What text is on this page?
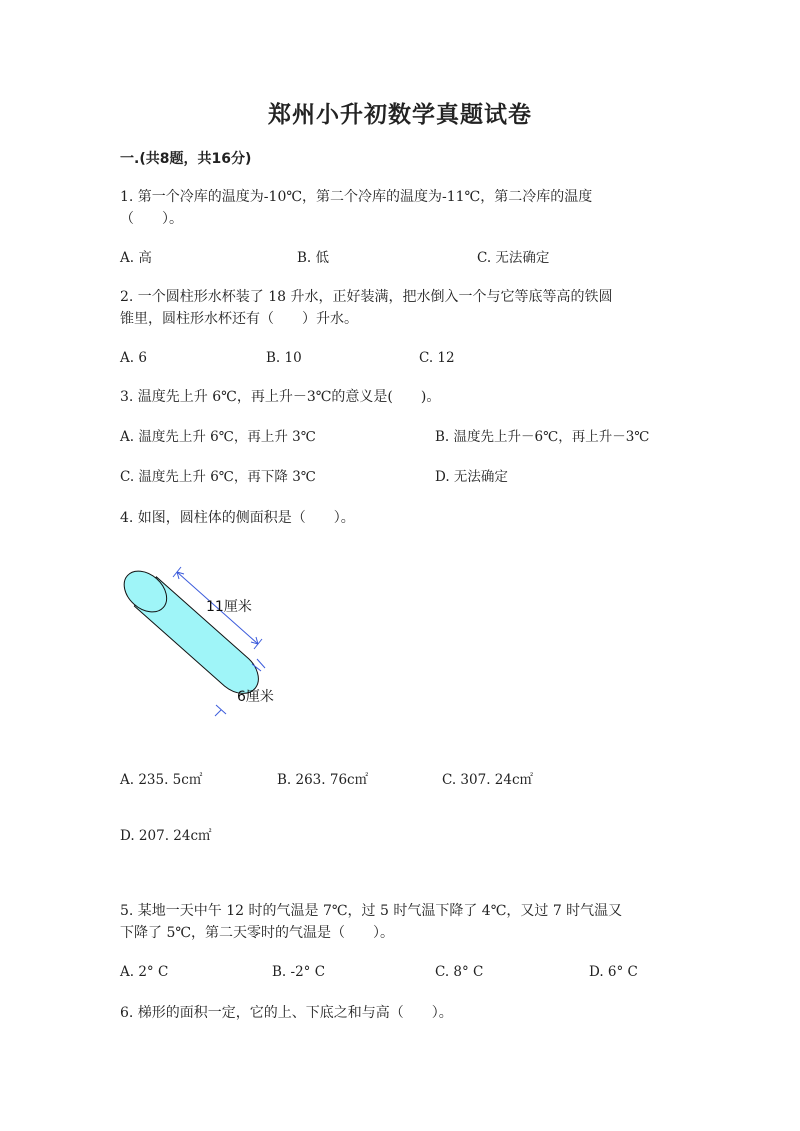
郑州小升初数学真题试卷
一.(共8题，共16分)
1. 第一个冷库的温度为-10℃，第二个冷库的温度为-11℃，第二冷库的温度
（　　）。
A. 高	B. 低	C. 无法确定
2. 一个圆柱形水杯装了 18 升水，正好装满，把水倒入一个与它等底等高的铁圆
锥里，圆柱形水杯还有（　　）升水。
A. 6	B. 10	C. 12
3. 温度先上升 6℃，再上升－3℃的意义是(　　)。
A. 温度先上升 6℃，再上升 3℃	B. 温度先上升－6℃，再上升－3℃
C. 温度先上升 6℃，再下降 3℃	D. 无法确定
4. 如图，圆柱体的侧面积是（　　）。
11厘米
6厘米
A. 235. 5c㎡	B. 263. 76c㎡	C. 307. 24c㎡
D. 207. 24c㎡
5. 某地一天中午 12 时的气温是 7℃，过 5 时气温下降了 4℃，又过 7 时气温又
下降了 5℃，第二天零时的气温是（　　）。
A. 2° C	B. -2° C	C. 8° C	D. 6° C
6. 梯形的面积一定，它的上、下底之和与高（　　）。
